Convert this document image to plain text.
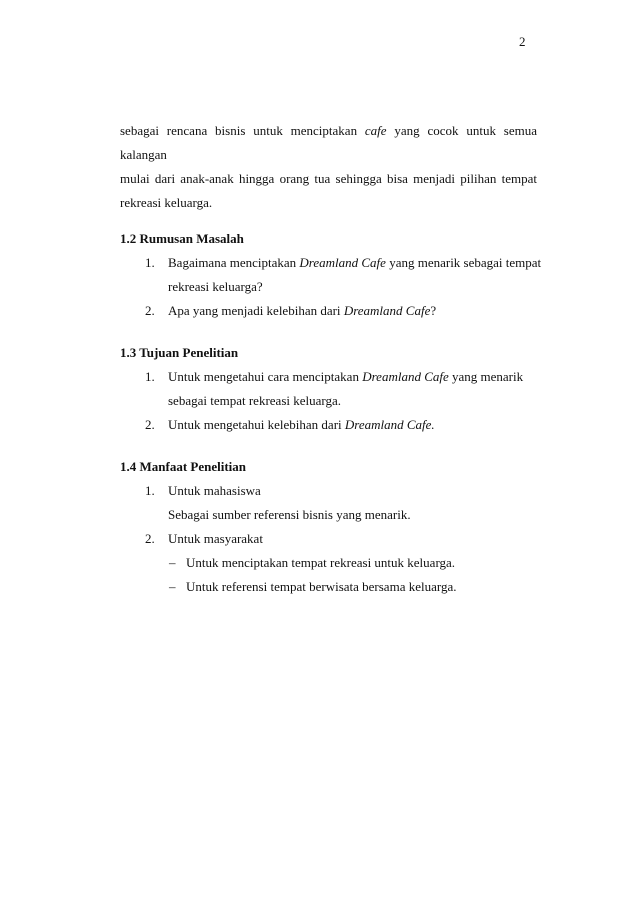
2
sebagai rencana bisnis untuk menciptakan cafe yang cocok untuk semua kalangan
mulai dari anak-anak hingga orang tua sehingga bisa menjadi pilihan tempat
rekreasi keluarga.
1.2 Rumusan Masalah
1. Bagaimana menciptakan Dreamland Cafe yang menarik sebagai tempat
rekreasi keluarga?
2. Apa yang menjadi kelebihan dari Dreamland Cafe?
1.3 Tujuan Penelitian
1. Untuk mengetahui cara menciptakan Dreamland Cafe yang menarik
sebagai tempat rekreasi keluarga.
2. Untuk mengetahui kelebihan dari Dreamland Cafe.
1.4 Manfaat Penelitian
1. Untuk mahasiswa
Sebagai sumber referensi bisnis yang menarik.
2. Untuk masyarakat
– Untuk menciptakan tempat rekreasi untuk keluarga.
– Untuk referensi tempat berwisata bersama keluarga.
